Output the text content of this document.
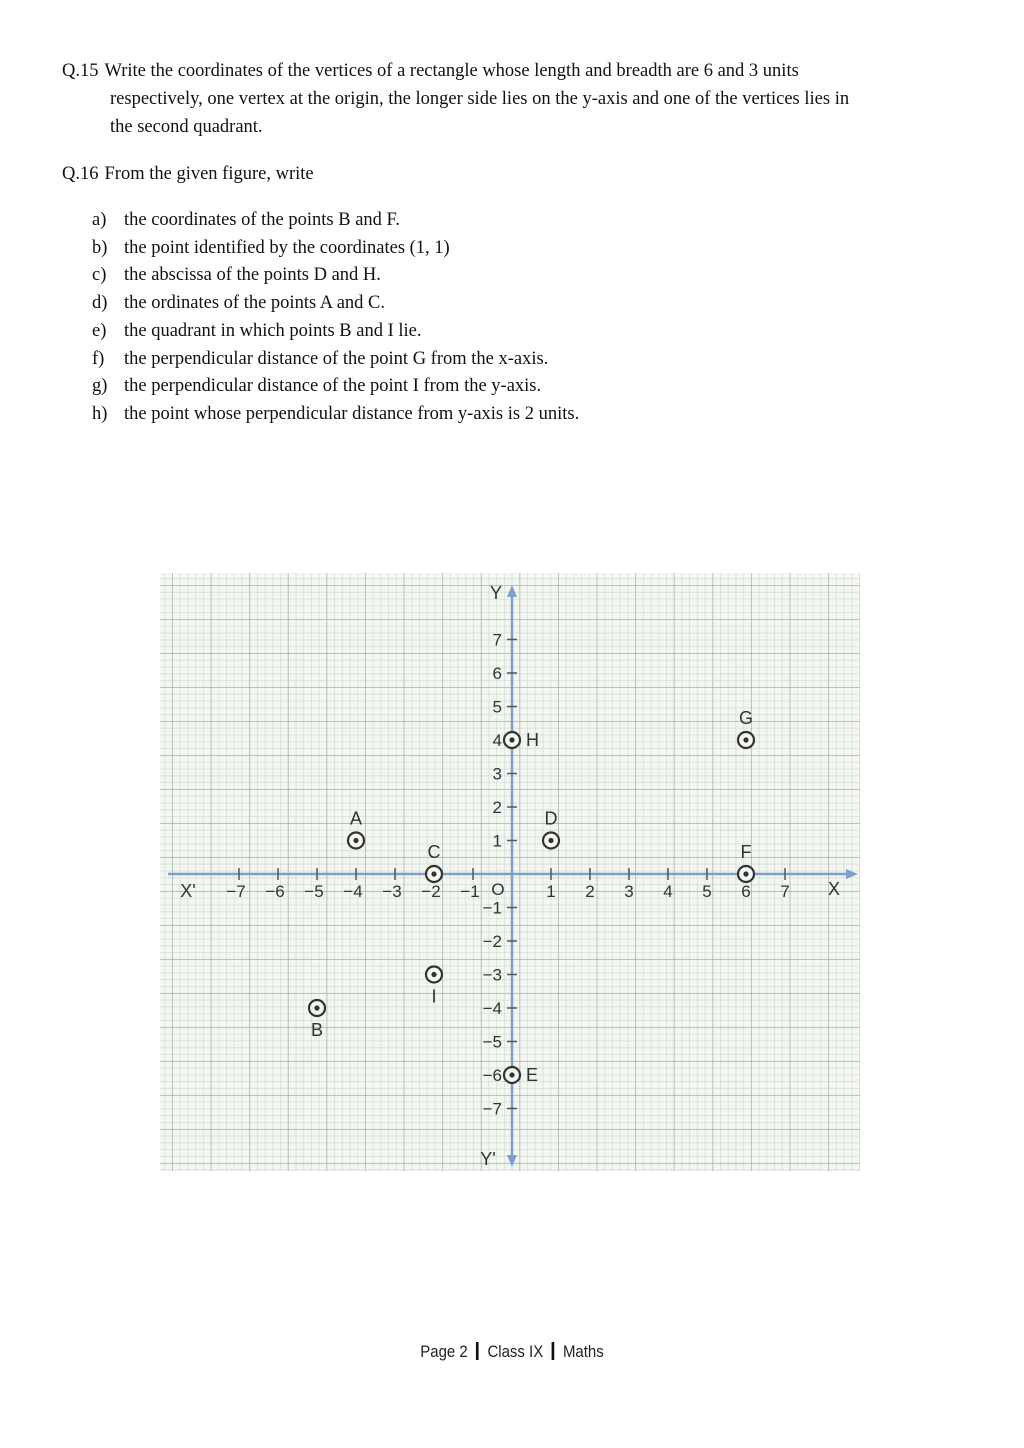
Q.15 Write the coordinates of the vertices of a rectangle whose length and breadth are 6 and 3 units
respectively, one vertex at the origin, the longer side lies on the y-axis and one of the vertices lies in
the second quadrant.
Q.16 From the given figure, write
a) the coordinates of the points B and F.
b) the point identified by the coordinates (1, 1)
c) the abscissa of the points D and H.
d) the ordinates of the points A and C.
e) the quadrant in which points B and I lie.
f) the perpendicular distance of the point G from the x-axis.
g) the perpendicular distance of the point I from the y-axis.
h) the point whose perpendicular distance from y-axis is 2 units.
X'	X
Y
Y'
O
−7 −6 −5 −4 −3 −2 −1	1 2 3 4 5 6 7
7
6
5
4
3
2
1
−1
−2
−3
−4
−5
−6
−7
A
B
C
D
E
F
G
H
I
Page 2 Class IX Maths
